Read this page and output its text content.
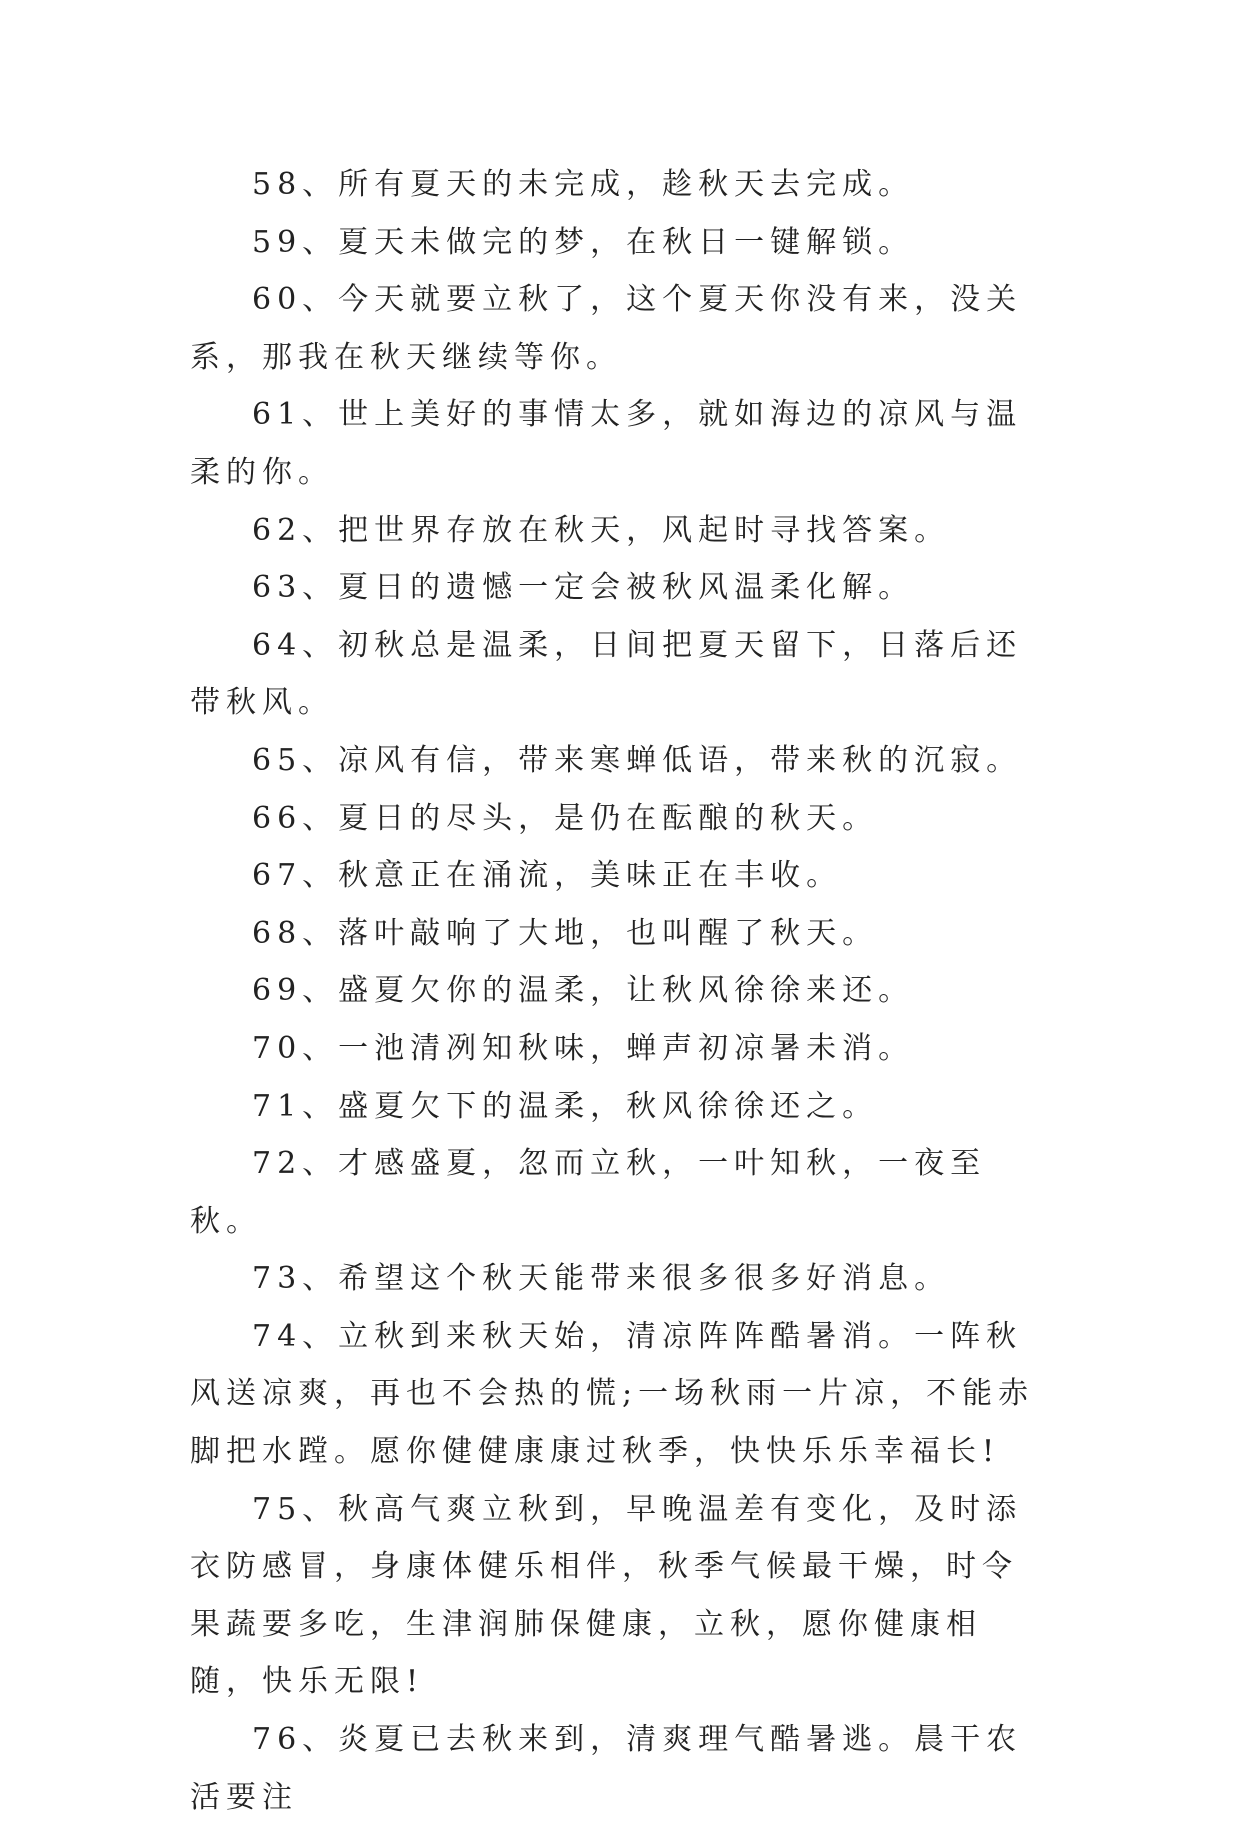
58、所有夏天的未完成，趁秋天去完成。

59、夏天未做完的梦，在秋日一键解锁。

60、今天就要立秋了，这个夏天你没有来，没关系，那我在秋天继续等你。

61、世上美好的事情太多，就如海边的凉风与温柔的你。

62、把世界存放在秋天，风起时寻找答案。

63、夏日的遗憾一定会被秋风温柔化解。

64、初秋总是温柔，日间把夏天留下，日落后还带秋风。

65、凉风有信，带来寒蝉低语，带来秋的沉寂。

66、夏日的尽头，是仍在酝酿的秋天。

67、秋意正在涌流，美味正在丰收。

68、落叶敲响了大地，也叫醒了秋天。

69、盛夏欠你的温柔，让秋风徐徐来还。

70、一池清冽知秋味，蝉声初凉暑未消。

71、盛夏欠下的温柔，秋风徐徐还之。

72、才感盛夏，忽而立秋，一叶知秋，一夜至秋。

73、希望这个秋天能带来很多很多好消息。

74、立秋到来秋天始，清凉阵阵酷暑消。一阵秋风送凉爽，再也不会热的慌;一场秋雨一片凉，不能赤脚把水蹚。愿你健健康康过秋季，快快乐乐幸福长!

75、秋高气爽立秋到，早晚温差有变化，及时添衣防感冒，身康体健乐相伴，秋季气候最干燥，时令果蔬要多吃，生津润肺保健康，立秋，愿你健康相随，快乐无限!

76、炎夏已去秋来到，清爽理气酷暑逃。晨干农活要注
